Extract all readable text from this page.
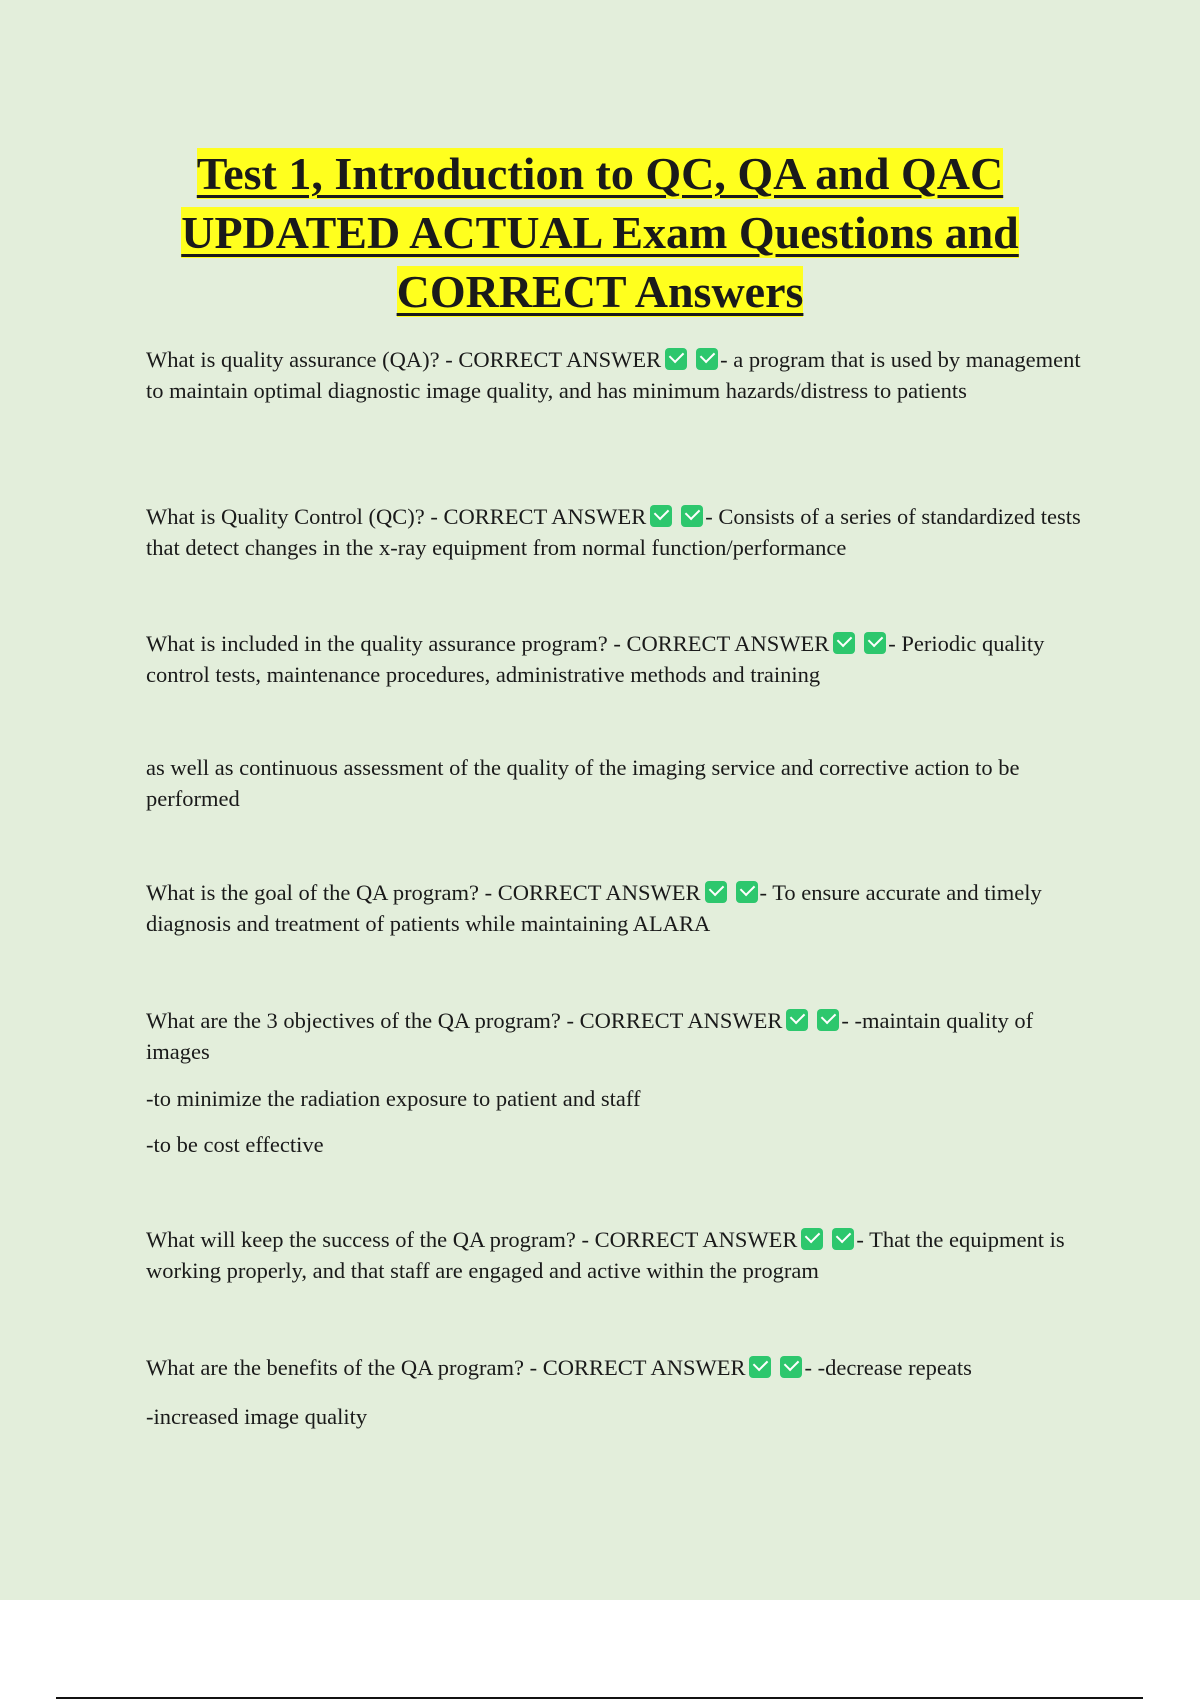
Test 1, Introduction to QC, QA and QAC UPDATED ACTUAL Exam Questions and CORRECT Answers

What is quality assurance (QA)? - CORRECT ANSWER	- a program that is used by management to maintain optimal diagnostic image quality, and has minimum hazards/distress to patients

What is Quality Control (QC)? - CORRECT ANSWER	- Consists of a series of standardized tests that detect changes in the x-ray equipment from normal function/performance

What is included in the quality assurance program? - CORRECT ANSWER	- Periodic quality control tests, maintenance procedures, administrative methods and training

as well as continuous assessment of the quality of the imaging service and corrective action to be performed

What is the goal of the QA program? - CORRECT ANSWER	- To ensure accurate and timely diagnosis and treatment of patients while maintaining ALARA

What are the 3 objectives of the QA program? - CORRECT ANSWER	- -maintain quality of images

-to minimize the radiation exposure to patient and staff

-to be cost effective

What will keep the success of the QA program? - CORRECT ANSWER	- That the equipment is working properly, and that staff are engaged and active within the program

What are the benefits of the QA program? - CORRECT ANSWER	- -decrease repeats

-increased image quality
